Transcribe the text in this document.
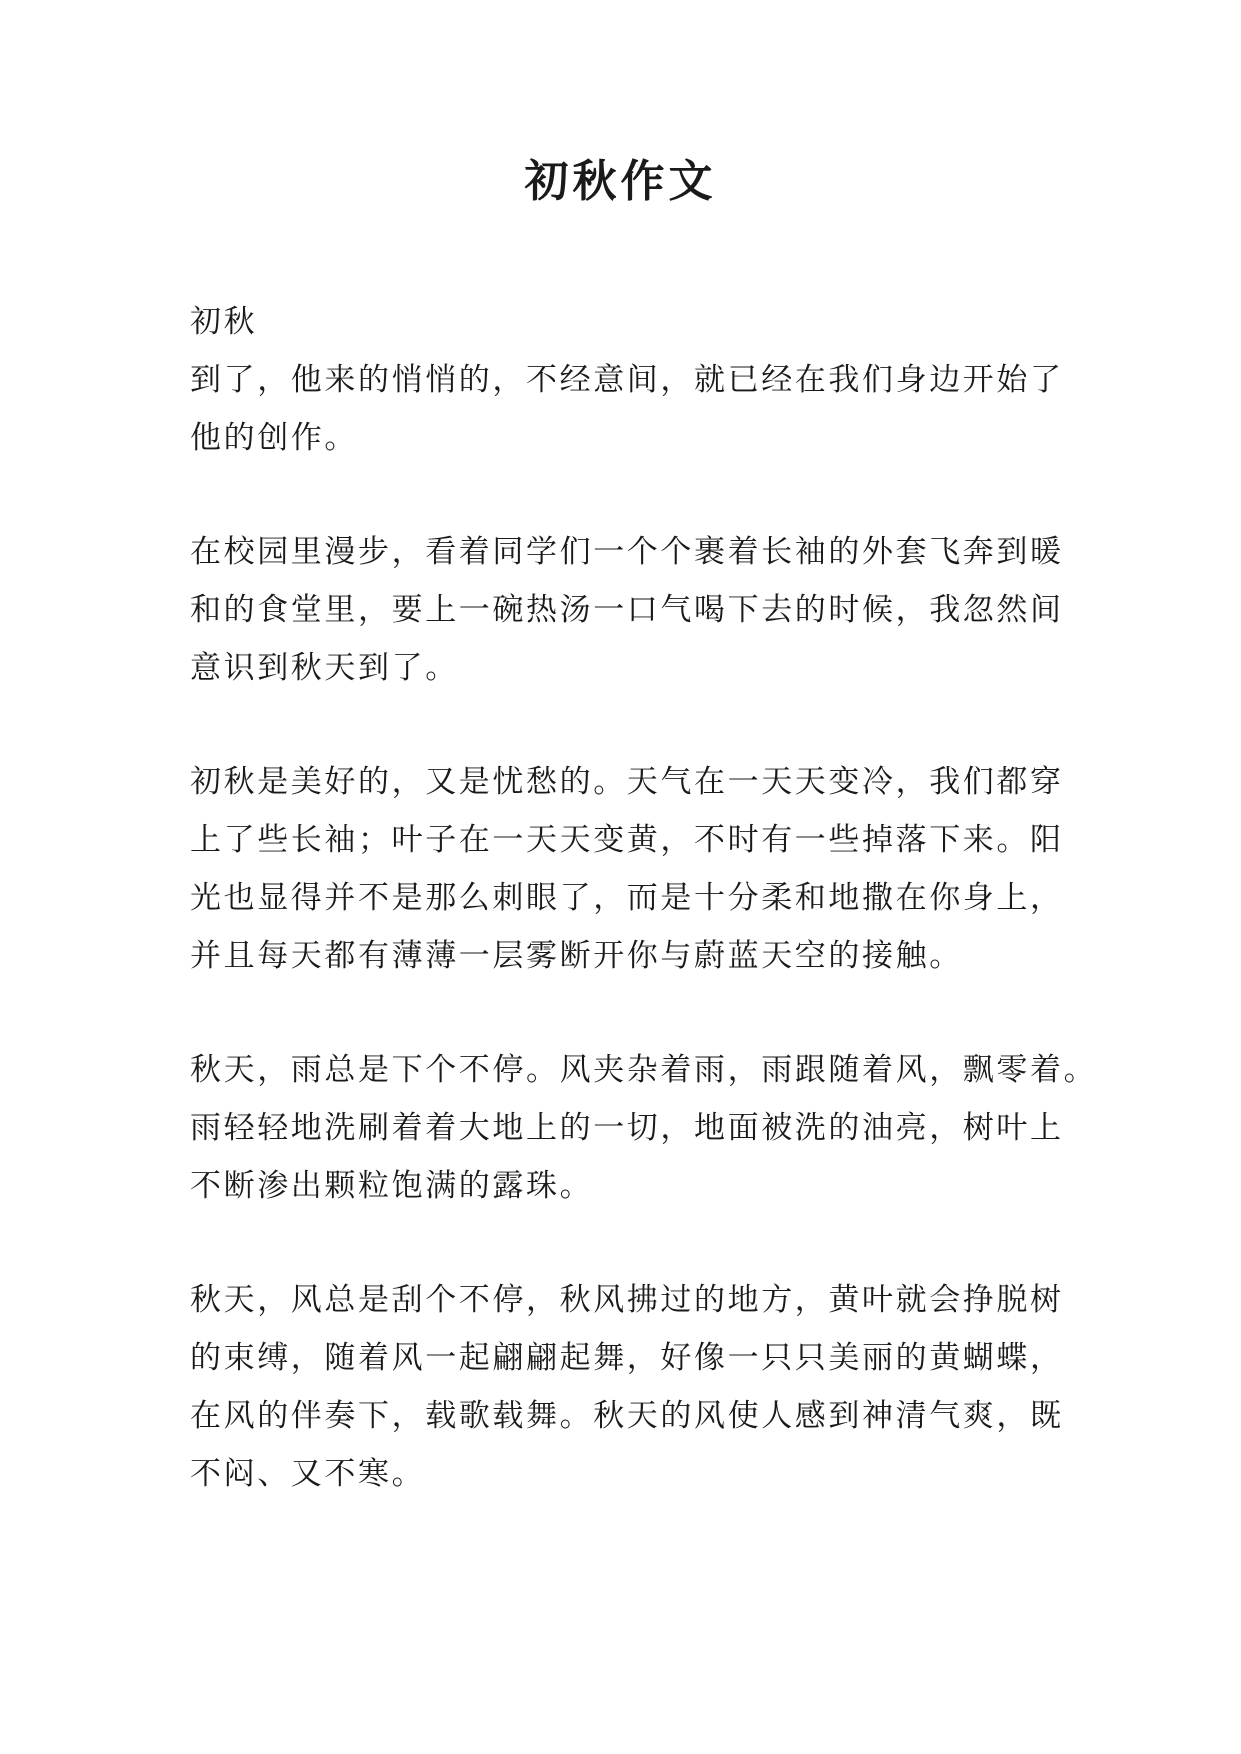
初秋作文
初秋
到了，他来的悄悄的，不经意间，就已经在我们身边开始了
他的创作。
在校园里漫步，看着同学们一个个裹着长袖的外套飞奔到暖
和的食堂里，要上一碗热汤一口气喝下去的时候，我忽然间
意识到秋天到了。
初秋是美好的，又是忧愁的。天气在一天天变冷，我们都穿
上了些长袖；叶子在一天天变黄，不时有一些掉落下来。阳
光也显得并不是那么刺眼了，而是十分柔和地撒在你身上，
并且每天都有薄薄一层雾断开你与蔚蓝天空的接触。
秋天，雨总是下个不停。风夹杂着雨，雨跟随着风，飘零着。
雨轻轻地洗刷着着大地上的一切，地面被洗的油亮，树叶上
不断渗出颗粒饱满的露珠。
秋天，风总是刮个不停，秋风拂过的地方，黄叶就会挣脱树
的束缚，随着风一起翩翩起舞，好像一只只美丽的黄蝴蝶，
在风的伴奏下，载歌载舞。秋天的风使人感到神清气爽，既
不闷、又不寒。
